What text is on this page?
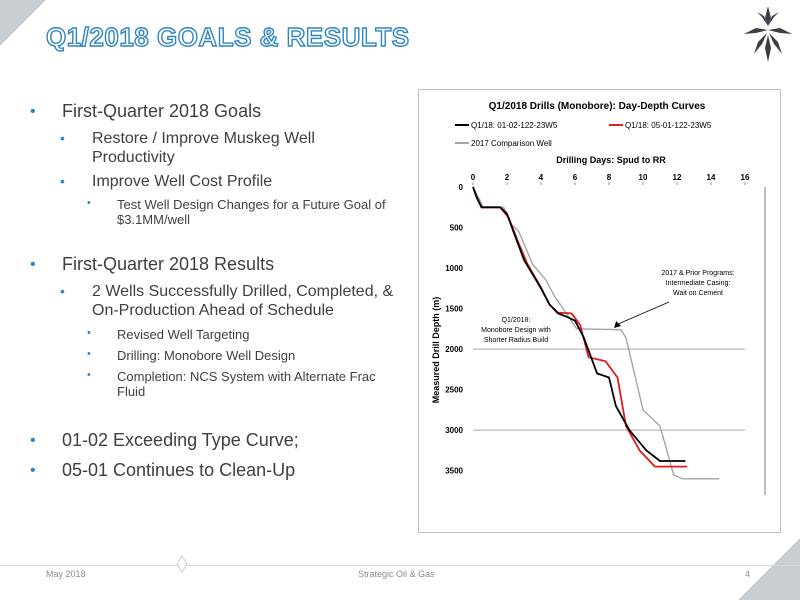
Q1/2018 GOALS & RESULTS
• First-Quarter 2018 Goals
• Restore / Improve Muskeg Well Productivity
• Improve Well Cost Profile
• Test Well Design Changes for a Future Goal of $3.1MM/well
• First-Quarter 2018 Results
• 2 Wells Successfully Drilled, Completed, & On-Production Ahead of Schedule
• Revised Well Targeting
• Drilling: Monobore Well Design
• Completion: NCS System with Alternate Frac Fluid
• 01-02 Exceeding Type Curve;
• 05-01 Continues to Clean-Up
Q1/2018 Drills (Monobore): Day-Depth Curves
Q1/18: 01-02-122-23W5	Q1/18: 05-01-122-23W5
2017 Comparison Well
Drilling Days: Spud to RR
Measured Drill Depth (m)
0	2	4	6	8	10	12	14	16
0
500
1000
1500
2000
2500
3000
3500
2017 & Prior Programs:
Intermediate Casing:
Wait on Cement
Q1/2018:
Monobore Design with
Shorter Radius Build
May 2018	Strategic Oil & Gas	4
